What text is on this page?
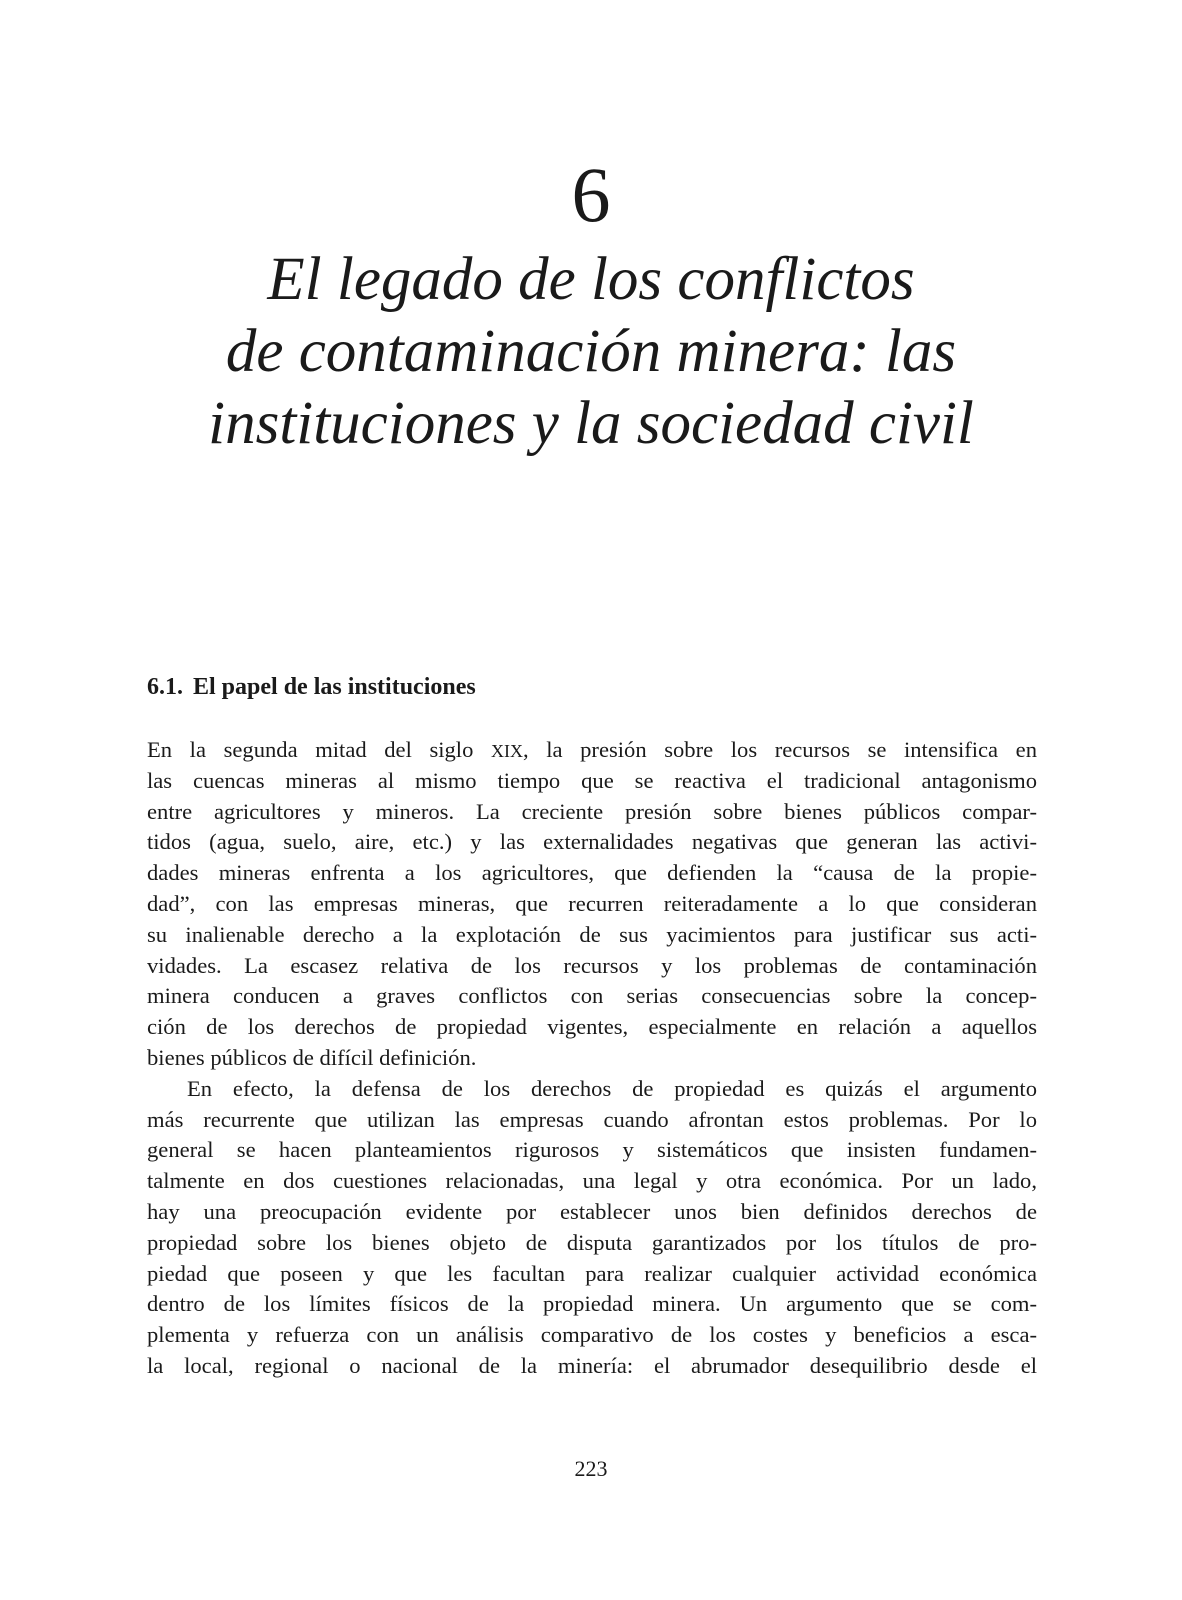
6
El legado de los conflictos
de contaminación minera: las
instituciones y la sociedad civil
6.1. El papel de las instituciones
En la segunda mitad del siglo XIX, la presión sobre los recursos se intensifica en
las cuencas mineras al mismo tiempo que se reactiva el tradicional antagonismo
entre agricultores y mineros. La creciente presión sobre bienes públicos compar-
tidos (agua, suelo, aire, etc.) y las externalidades negativas que generan las activi-
dades mineras enfrenta a los agricultores, que defienden la “causa de la propie-
dad”, con las empresas mineras, que recurren reiteradamente a lo que consideran
su inalienable derecho a la explotación de sus yacimientos para justificar sus acti-
vidades. La escasez relativa de los recursos y los problemas de contaminación
minera conducen a graves conflictos con serias consecuencias sobre la concep-
ción de los derechos de propiedad vigentes, especialmente en relación a aquellos
bienes públicos de difícil definición.
En efecto, la defensa de los derechos de propiedad es quizás el argumento
más recurrente que utilizan las empresas cuando afrontan estos problemas. Por lo
general se hacen planteamientos rigurosos y sistemáticos que insisten fundamen-
talmente en dos cuestiones relacionadas, una legal y otra económica. Por un lado,
hay una preocupación evidente por establecer unos bien definidos derechos de
propiedad sobre los bienes objeto de disputa garantizados por los títulos de pro-
piedad que poseen y que les facultan para realizar cualquier actividad económica
dentro de los límites físicos de la propiedad minera. Un argumento que se com-
plementa y refuerza con un análisis comparativo de los costes y beneficios a esca-
la local, regional o nacional de la minería: el abrumador desequilibrio desde el
223
